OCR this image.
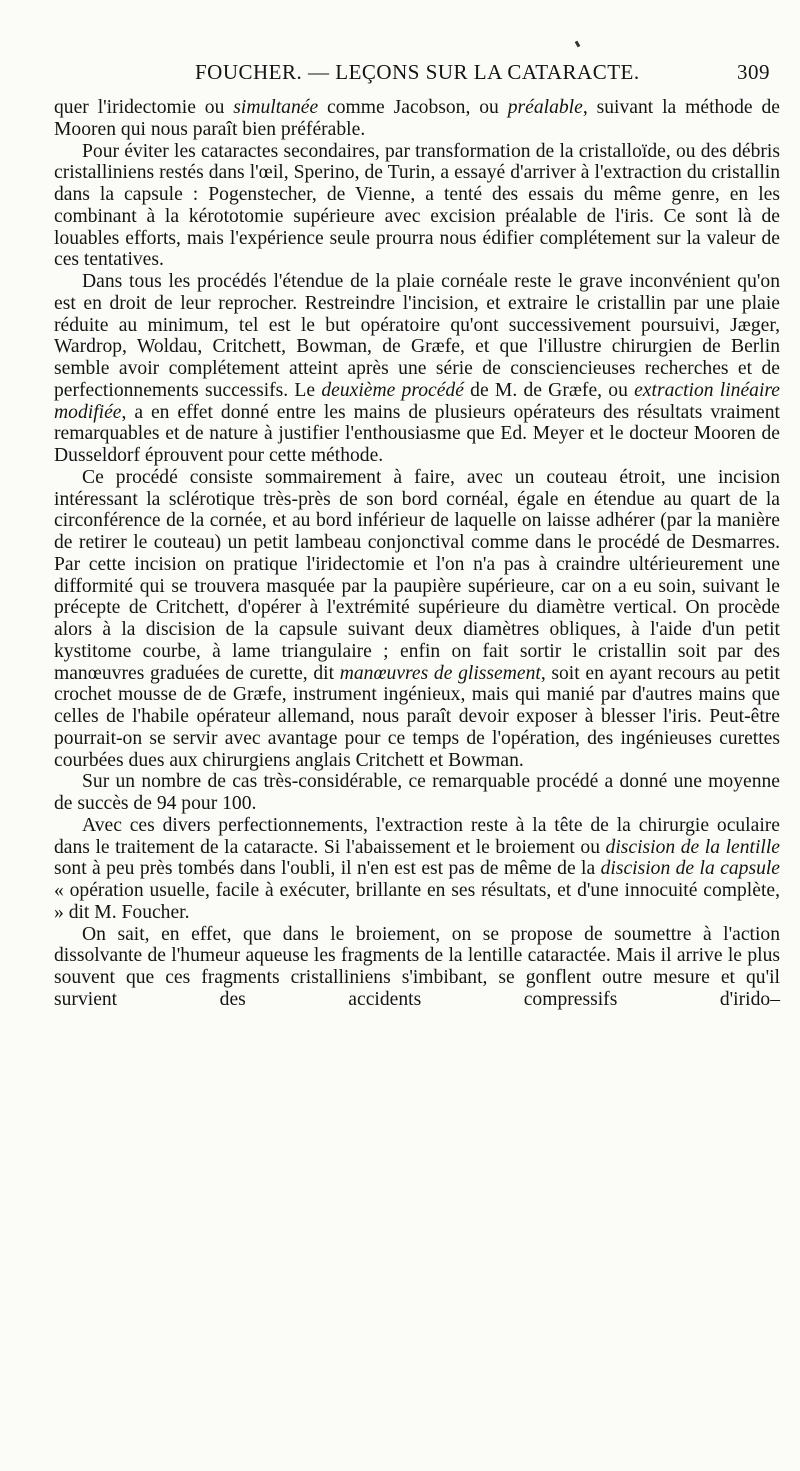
FOUCHER. — LEÇONS SUR LA CATARACTE.	309

quer l'iridectomie ou simultanée comme Jacobson, ou préalable, suivant la méthode de Mooren qui nous paraît bien préférable.

Pour éviter les cataractes secondaires, par transformation de la cristalloïde, ou des débris cristalliniens restés dans l'œil, Sperino, de Turin, a essayé d'arriver à l'extraction du cristallin dans la capsule : Pogenstecher, de Vienne, a tenté des essais du même genre, en les combinant à la kérototomie supérieure avec excision préalable de l'iris. Ce sont là de louables efforts, mais l'expérience seule prourra nous édifier complétement sur la valeur de ces tentatives.

Dans tous les procédés l'étendue de la plaie cornéale reste le grave inconvénient qu'on est en droit de leur reprocher. Restreindre l'incision, et extraire le cristallin par une plaie réduite au minimum, tel est le but opératoire qu'ont successivement poursuivi, Jæger, Wardrop, Woldau, Critchett, Bowman, de Græfe, et que l'illustre chirurgien de Berlin semble avoir complétement atteint après une série de consciencieuses recherches et de perfectionnements successifs. Le deuxième procédé de M. de Græfe, ou extraction linéaire modifiée, a en effet donné entre les mains de plusieurs opérateurs des résultats vraiment remarquables et de nature à justifier l'enthousiasme que Ed. Meyer et le docteur Mooren de Dusseldorf éprouvent pour cette méthode.

Ce procédé consiste sommairement à faire, avec un couteau étroit, une incision intéressant la sclérotique très-près de son bord cornéal, égale en étendue au quart de la circonférence de la cornée, et au bord inférieur de laquelle on laisse adhérer (par la manière de retirer le couteau) un petit lambeau conjonctival comme dans le procédé de Desmarres. Par cette incision on pratique l'iridectomie et l'on n'a pas à craindre ultérieurement une difformité qui se trouvera masquée par la paupière supérieure, car on a eu soin, suivant le précepte de Critchett, d'opérer à l'extrémité supérieure du diamètre vertical. On procède alors à la discision de la capsule suivant deux diamètres obliques, à l'aide d'un petit kystitome courbe, à lame triangulaire ; enfin on fait sortir le cristallin soit par des manœuvres graduées de curette, dit manœuvres de glissement, soit en ayant recours au petit crochet mousse de de Græfe, instrument ingénieux, mais qui manié par d'autres mains que celles de l'habile opérateur allemand, nous paraît devoir exposer à blesser l'iris. Peut-être pourrait-on se servir avec avantage pour ce temps de l'opération, des ingénieuses curettes courbées dues aux chirurgiens anglais Critchett et Bowman.

Sur un nombre de cas très-considérable, ce remarquable procédé a donné une moyenne de succès de 94 pour 100.

Avec ces divers perfectionnements, l'extraction reste à la tête de la chirurgie oculaire dans le traitement de la cataracte. Si l'abaissement et le broiement ou discision de la lentille sont à peu près tombés dans l'oubli, il n'en est est pas de même de la discision de la capsule « opération usuelle, facile à exécuter, brillante en ses résultats, et d'une innocuité complète, » dit M. Foucher.

On sait, en effet, que dans le broiement, on se propose de soumettre à l'action dissolvante de l'humeur aqueuse les fragments de la lentille cataractée. Mais il arrive le plus souvent que ces fragments cristalliniens s'imbibant, se gonflent outre mesure et qu'il survient des accidents compressifs d'irido–
